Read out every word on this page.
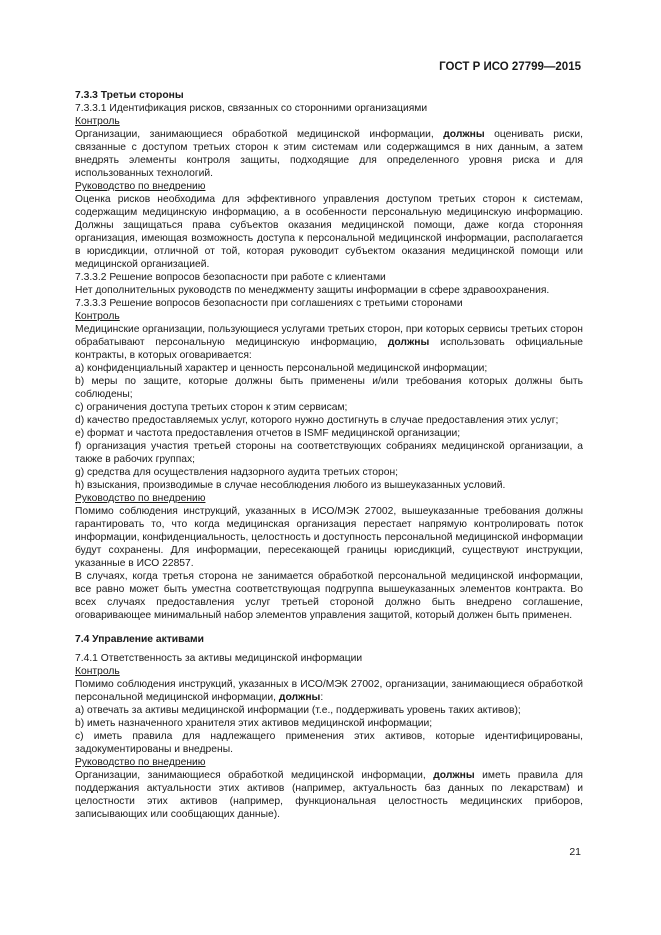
ГОСТ Р ИСО 27799—2015

7.3.3 Третьи стороны

7.3.3.1 Идентификация рисков, связанных со сторонними организациями

Контроль

Организации, занимающиеся обработкой медицинской информации, должны оценивать риски, связанные с доступом третьих сторон к этим системам или содержащимся в них данным, а затем внедрять элементы контроля защиты, подходящие для определенного уровня риска и для использованных технологий.

Руководство по внедрению

Оценка рисков необходима для эффективного управления доступом третьих сторон к системам, содержащим медицинскую информацию, а в особенности персональную медицинскую информацию. Должны защищаться права субъектов оказания медицинской помощи, даже когда сторонняя организация, имеющая возможность доступа к персональной медицинской информации, располагается в юрисдикции, отличной от той, которая руководит субъектом оказания медицинской помощи или медицинской организацией.

7.3.3.2 Решение вопросов безопасности при работе с клиентами

Нет дополнительных руководств по менеджменту защиты информации в сфере здравоохранения.

7.3.3.3 Решение вопросов безопасности при соглашениях с третьими сторонами

Контроль

Медицинские организации, пользующиеся услугами третьих сторон, при которых сервисы третьих сторон обрабатывают персональную медицинскую информацию, должны использовать официальные контракты, в которых оговаривается:

a) конфиденциальный характер и ценность персональной медицинской информации;

b) меры по защите, которые должны быть применены и/или требования которых должны быть соблюдены;

c) ограничения доступа третьих сторон к этим сервисам;

d) качество предоставляемых услуг, которого нужно достигнуть в случае предоставления этих услуг;

e) формат и частота предоставления отчетов в ISMF медицинской организации;

f) организация участия третьей стороны на соответствующих собраниях медицинской организации, а также в рабочих группах;

g) средства для осуществления надзорного аудита третьих сторон;

h) взыскания, производимые в случае несоблюдения любого из вышеуказанных условий.

Руководство по внедрению

Помимо соблюдения инструкций, указанных в ИСО/МЭК 27002, вышеуказанные требования должны гарантировать то, что когда медицинская организация перестает напрямую контролировать поток информации, конфиденциальность, целостность и доступность персональной медицинской информации будут сохранены. Для информации, пересекающей границы юрисдикций, существуют инструкции, указанные в ИСО 22857.

В случаях, когда третья сторона не занимается обработкой персональной медицинской информации, все равно может быть уместна соответствующая подгруппа вышеуказанных элементов контракта. Во всех случаях предоставления услуг третьей стороной должно быть внедрено соглашение, оговаривающее минимальный набор элементов управления защитой, который должен быть применен.

7.4 Управление активами

7.4.1 Ответственность за активы медицинской информации

Контроль

Помимо соблюдения инструкций, указанных в ИСО/МЭК 27002, организации, занимающиеся обработкой персональной медицинской информации, должны:

a) отвечать за активы медицинской информации (т.е., поддерживать уровень таких активов);

b) иметь назначенного хранителя этих активов медицинской информации;

c) иметь правила для надлежащего применения этих активов, которые идентифицированы, задокументированы и внедрены.

Руководство по внедрению

Организации, занимающиеся обработкой медицинской информации, должны иметь правила для поддержания актуальности этих активов (например, актуальность баз данных по лекарствам) и целостности этих активов (например, функциональная целостность медицинских приборов, записывающих или сообщающих данные).

21
